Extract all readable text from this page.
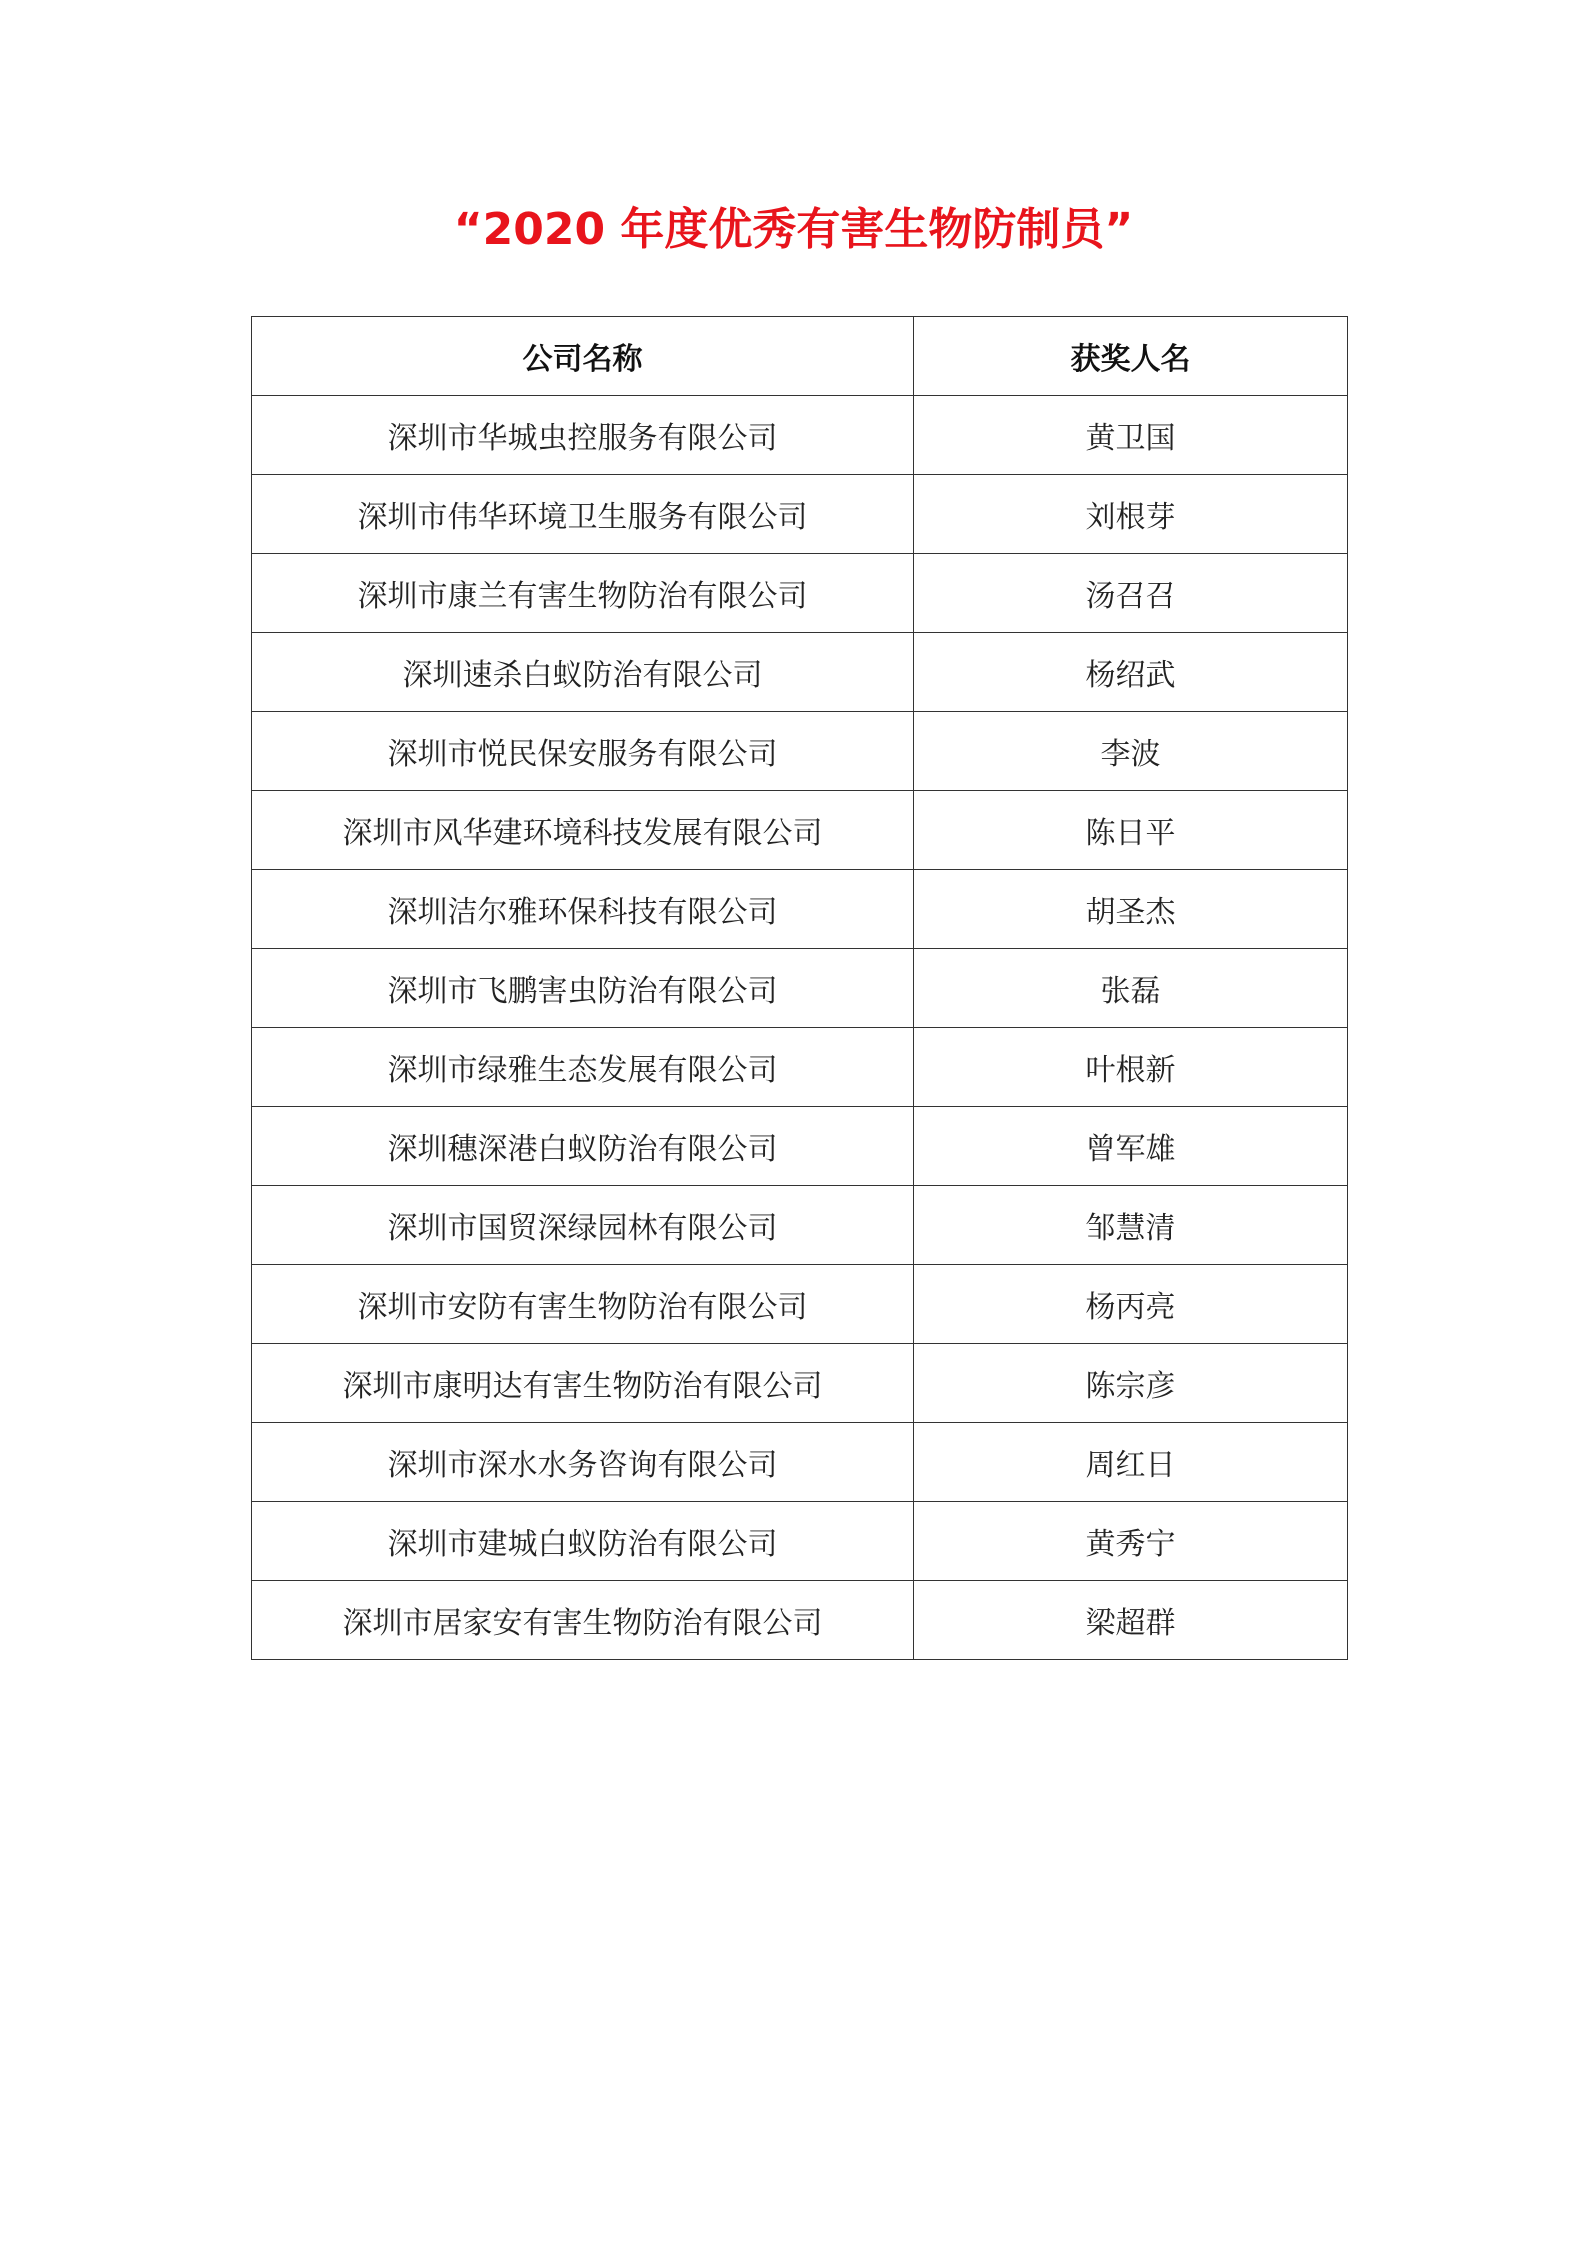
“2020 年度优秀有害生物防制员”
公司名称	获奖人名
深圳市华城虫控服务有限公司	黄卫国
深圳市伟华环境卫生服务有限公司	刘根芽
深圳市康兰有害生物防治有限公司	汤召召
深圳速杀白蚁防治有限公司	杨绍武
深圳市悦民保安服务有限公司	李波
深圳市风华建环境科技发展有限公司	陈日平
深圳洁尔雅环保科技有限公司	胡圣杰
深圳市飞鹏害虫防治有限公司	张磊
深圳市绿雅生态发展有限公司	叶根新
深圳穗深港白蚁防治有限公司	曾军雄
深圳市国贸深绿园林有限公司	邹慧清
深圳市安防有害生物防治有限公司	杨丙亮
深圳市康明达有害生物防治有限公司	陈宗彦
深圳市深水水务咨询有限公司	周红日
深圳市建城白蚁防治有限公司	黄秀宁
深圳市居家安有害生物防治有限公司	梁超群
